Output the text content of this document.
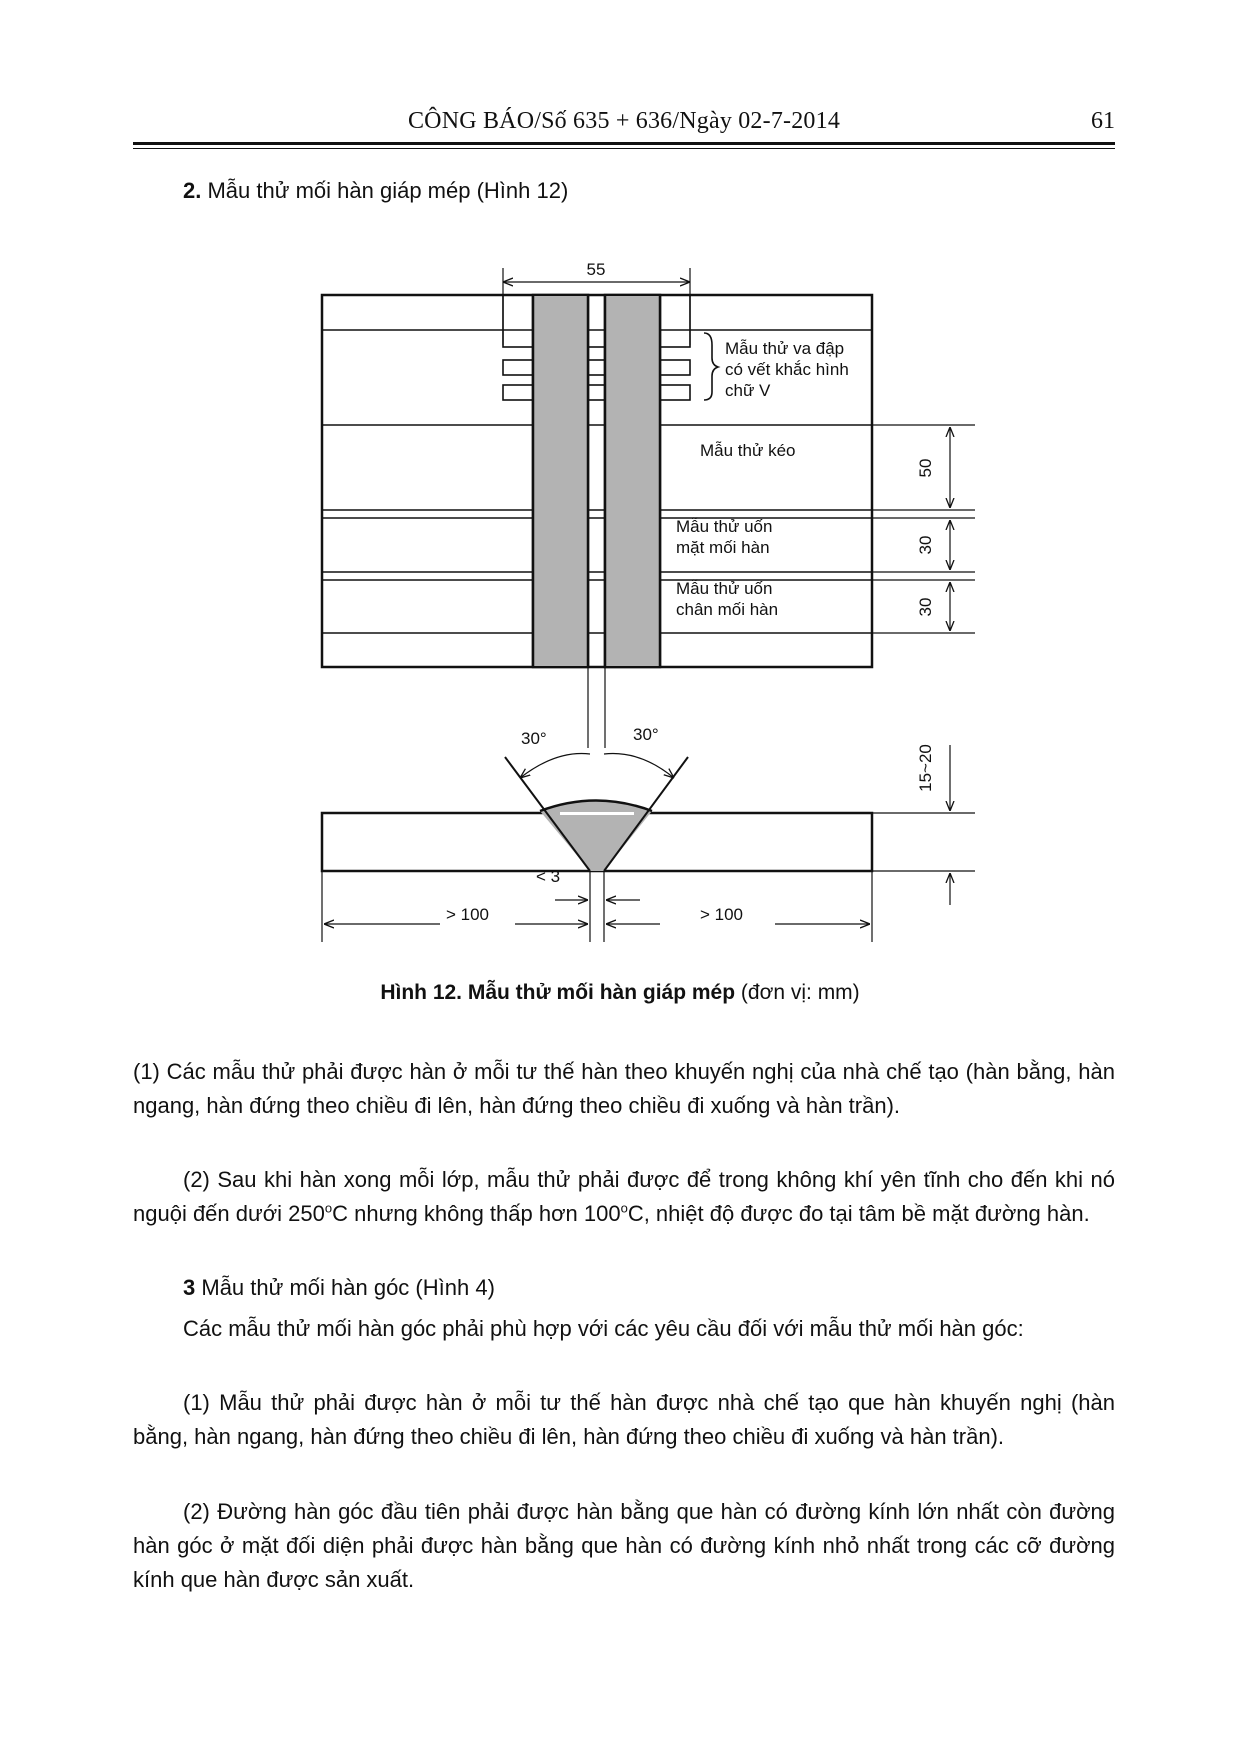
CÔNG BÁO/Số 635 + 636/Ngày 02-7-2014	61
2. Mẫu thử mối hàn giáp mép (Hình 12)
55
Mẫu thử va đập
có vết khắc hình
chữ V
Mẫu thử kéo
Mẫu thử uốn
mặt mối hàn
Mẫu thử uốn
chân mối hàn
50
30
30
30°	30°
15~20
< 3
> 100	> 100
Hình 12. Mẫu thử mối hàn giáp mép (đơn vị: mm)
(1) Các mẫu thử phải được hàn ở mỗi tư thế hàn theo khuyến nghị của nhà chế tạo (hàn bằng, hàn ngang, hàn đứng theo chiều đi lên, hàn đứng theo chiều đi xuống và hàn trần).
(2) Sau khi hàn xong mỗi lớp, mẫu thử phải được để trong không khí yên tĩnh cho đến khi nó nguội đến dưới 250$^o$C nhưng không thấp hơn 100$^o$C, nhiệt độ được đo tại tâm bề mặt đường hàn.
3 Mẫu thử mối hàn góc (Hình 4)
Các mẫu thử mối hàn góc phải phù hợp với các yêu cầu đối với mẫu thử mối hàn góc:
(1) Mẫu thử phải được hàn ở mỗi tư thế hàn được nhà chế tạo que hàn khuyến nghị (hàn bằng, hàn ngang, hàn đứng theo chiều đi lên, hàn đứng theo chiều đi xuống và hàn trần).
(2) Đường hàn góc đầu tiên phải được hàn bằng que hàn có đường kính lớn nhất còn đường hàn góc ở mặt đối diện phải được hàn bằng que hàn có đường kính nhỏ nhất trong các cỡ đường kính que hàn được sản xuất.
